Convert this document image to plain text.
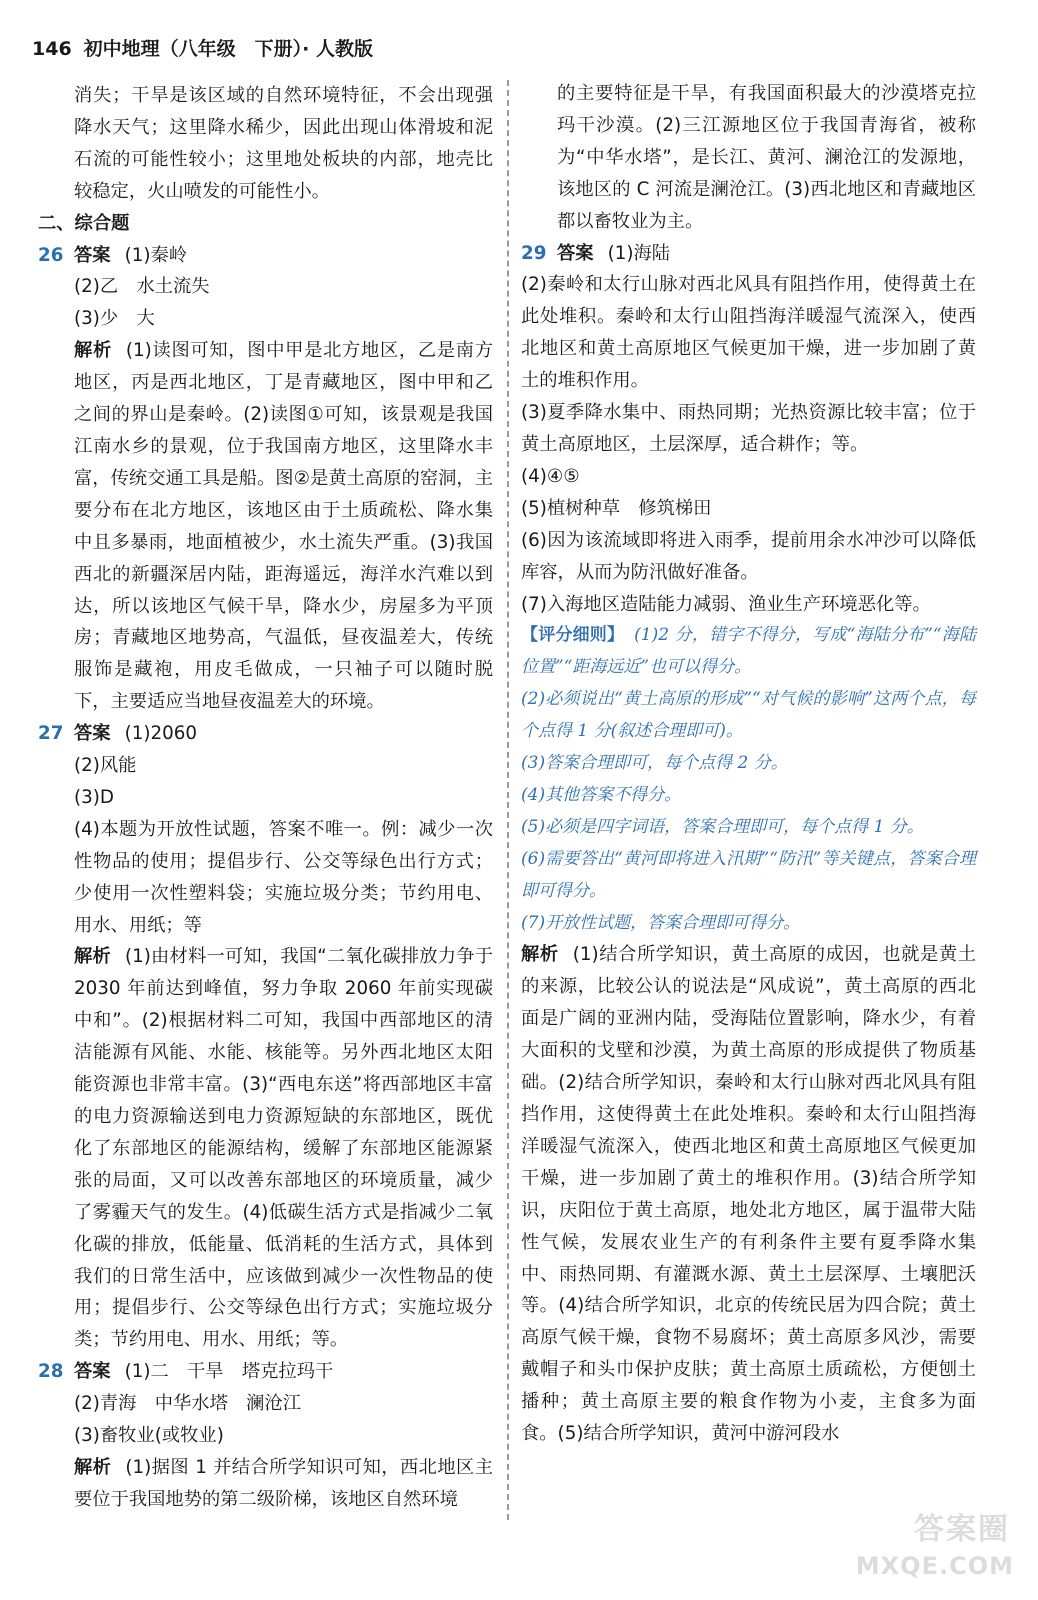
146 初中地理（八年级　下册）· 人教版

消失；干旱是该区域的自然环境特征，不会出现强降水天气；这里降水稀少，因此出现山体滑坡和泥石流的可能性较小；这里地处板块的内部，地壳比较稳定，火山喷发的可能性小。

二、综合题

26 答案 (1)秦岭

(2)乙　水土流失

(3)少　大

解析 (1)读图可知，图中甲是北方地区，乙是南方地区，丙是西北地区，丁是青藏地区，图中甲和乙之间的界山是秦岭。(2)读图①可知，该景观是我国江南水乡的景观，位于我国南方地区，这里降水丰富，传统交通工具是船。图②是黄土高原的窑洞，主要分布在北方地区，该地区由于土质疏松、降水集中且多暴雨，地面植被少，水土流失严重。(3)我国西北的新疆深居内陆，距海遥远，海洋水汽难以到达，所以该地区气候干旱，降水少，房屋多为平顶房；青藏地区地势高，气温低，昼夜温差大，传统服饰是藏袍，用皮毛做成，一只袖子可以随时脱下，主要适应当地昼夜温差大的环境。

27 答案 (1)2060

(2)风能

(3)D

(4)本题为开放性试题，答案不唯一。例：减少一次性物品的使用；提倡步行、公交等绿色出行方式；少使用一次性塑料袋；实施垃圾分类；节约用电、用水、用纸；等

解析 (1)由材料一可知，我国“二氧化碳排放力争于 2030 年前达到峰值，努力争取 2060 年前实现碳中和”。(2)根据材料二可知，我国中西部地区的清洁能源有风能、水能、核能等。另外西北地区太阳能资源也非常丰富。(3)“西电东送”将西部地区丰富的电力资源输送到电力资源短缺的东部地区，既优化了东部地区的能源结构，缓解了东部地区能源紧张的局面，又可以改善东部地区的环境质量，减少了雾霾天气的发生。(4)低碳生活方式是指减少二氧化碳的排放，低能量、低消耗的生活方式，具体到我们的日常生活中，应该做到减少一次性物品的使用；提倡步行、公交等绿色出行方式；实施垃圾分类；节约用电、用水、用纸；等。

28 答案 (1)二　干旱　塔克拉玛干

(2)青海　中华水塔　澜沧江

(3)畜牧业(或牧业)

解析 (1)据图 1 并结合所学知识可知，西北地区主要位于我国地势的第二级阶梯，该地区自然环境

的主要特征是干旱，有我国面积最大的沙漠塔克拉玛干沙漠。(2)三江源地区位于我国青海省，被称为“中华水塔”，是长江、黄河、澜沧江的发源地，该地区的 C 河流是澜沧江。(3)西北地区和青藏地区都以畜牧业为主。

29 答案 (1)海陆

(2)秦岭和太行山脉对西北风具有阻挡作用，使得黄土在此处堆积。秦岭和太行山阻挡海洋暖湿气流深入，使西北地区和黄土高原地区气候更加干燥，进一步加剧了黄土的堆积作用。

(3)夏季降水集中、雨热同期；光热资源比较丰富；位于黄土高原地区，土层深厚，适合耕作；等。

(4)④⑤

(5)植树种草　修筑梯田

(6)因为该流域即将进入雨季，提前用余水冲沙可以降低库容，从而为防汛做好准备。

(7)入海地区造陆能力减弱、渔业生产环境恶化等。

【评分细则】 (1)2 分，错字不得分，写成“海陆分布”“海陆位置”“距海远近”也可以得分。

(2)必须说出“黄土高原的形成”“对气候的影响”这两个点，每个点得 1 分(叙述合理即可)。

(3)答案合理即可，每个点得 2 分。

(4)其他答案不得分。

(5)必须是四字词语，答案合理即可，每个点得 1 分。

(6)需要答出“黄河即将进入汛期”“防汛”等关键点，答案合理即可得分。

(7)开放性试题，答案合理即可得分。

解析 (1)结合所学知识，黄土高原的成因，也就是黄土的来源，比较公认的说法是“风成说”，黄土高原的西北面是广阔的亚洲内陆，受海陆位置影响，降水少，有着大面积的戈壁和沙漠，为黄土高原的形成提供了物质基础。(2)结合所学知识，秦岭和太行山脉对西北风具有阻挡作用，这使得黄土在此处堆积。秦岭和太行山阻挡海洋暖湿气流深入，使西北地区和黄土高原地区气候更加干燥，进一步加剧了黄土的堆积作用。(3)结合所学知识，庆阳位于黄土高原，地处北方地区，属于温带大陆性气候，发展农业生产的有利条件主要有夏季降水集中、雨热同期、有灌溉水源、黄土土层深厚、土壤肥沃等。(4)结合所学知识，北京的传统民居为四合院；黄土高原气候干燥，食物不易腐坏；黄土高原多风沙，需要戴帽子和头巾保护皮肤；黄土高原土质疏松，方便刨土播种；黄土高原主要的粮食作物为小麦，主食多为面食。(5)结合所学知识，黄河中游河段水

答案圈
MXQE.COM
